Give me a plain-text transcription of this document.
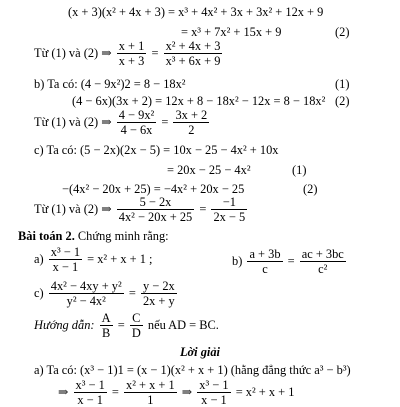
(x + 3)(x² + 4x + 3) = x³ + 4x² + 3x + 3x² + 12x + 9
= x³ + 7x² + 15x + 9	(2)
Từ (1) và (2) ⇒ $\frac{x + 1}{x + 3} = \frac{\text{x² + 4x + 3}}{\text{x³ + 6x + 9}}$
b) Ta có: (4 − 9x²)2 = 8 − 18x²	(1)
(4 − 6x)(3x + 2) = 12x + 8 − 18x² − 12x = 8 − 18x² (2)
Từ (1) và (2) ⇒ $\frac{\text{4 − 9x²}}{4 - 6x} = \frac{3x + 2}{2}$
c) Ta có: (5 − 2x)(2x − 5) = 10x − 25 − 4x² + 10x
= 20x − 25 − 4x²	(1)
−(4x² − 20x + 25) = −4x² + 20x − 25	(2)
Từ (1) và (2) ⇒ $\frac{5 - 2x}{\text{4x² − 20x + 25}} = \frac{-1}{2x - 5}$
Bài toán 2. Chứng minh rằng:
$a) \frac{\text{x³ − 1}}{x - 1} = x^2 + x + 1$ ;	$b) \frac{a + 3b}{c} = \frac{ac + 3bc}{\text{c²}}$
$c) \frac{\text{4x² − 4xy + y²}}{\text{y² − 4x²}} = \frac{y - 2x}{2x + y}$
Hướng dẫn: $\frac{A}{B} = \frac{C}{D}$ nếu AD = BC.
Lời giải
a) Ta có: (x³ − 1)1 = (x − 1)(x² + x + 1) (hằng đẳng thức a³ − b³)
⇒ $\frac{\text{x³ − 1}}{x - 1} = \frac{\text{x² + x + 1}}{1}$ ⇒ $\frac{\text{x³ − 1}}{x - 1} = x^2 + x + 1$
